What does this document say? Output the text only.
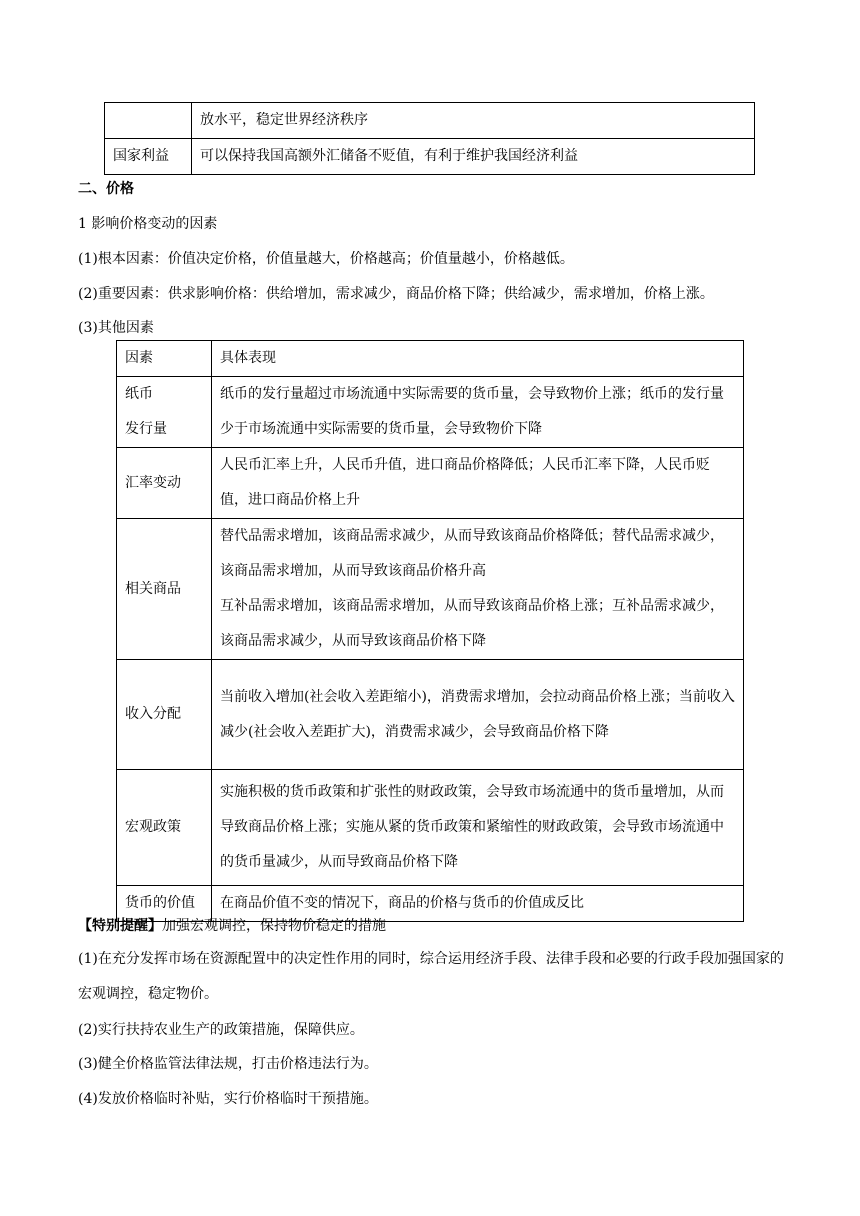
	放水平，稳定世界经济秩序
国家利益	可以保持我国高额外汇储备不贬值，有利于维护我国经济利益
二、价格
1 影响价格变动的因素
(1)根本因素：价值决定价格，价值量越大，价格越高；价值量越小，价格越低。
(2)重要因素：供求影响价格：供给增加，需求减少，商品价格下降；供给减少，需求增加，价格上涨。
(3)其他因素
因素	具体表现

纸币
发行量	纸币的发行量超过市场流通中实际需要的货币量，会导致物价上涨；纸币的发行量少于市场流通中实际需要的货币量，会导致物价下降
汇率变动	人民币汇率上升，人民币升值，进口商品价格降低；人民币汇率下降，人民币贬值，进口商品价格上升
相关商品	替代品需求增加，该商品需求减少，从而导致该商品价格降低；替代品需求减少，该商品需求增加，从而导致该商品价格升高
互补品需求增加，该商品需求增加，从而导致该商品价格上涨；互补品需求减少，该商品需求减少，从而导致该商品价格下降

收入分配	当前收入增加(社会收入差距缩小)，消费需求增加，会拉动商品价格上涨；当前收入减少(社会收入差距扩大)，消费需求减少，会导致商品价格下降
宏观政策	实施积极的货币政策和扩张性的财政政策，会导致市场流通中的货币量增加，从而导致商品价格上涨；实施从紧的货币政策和紧缩性的财政政策，会导致市场流通中的货币量减少，从而导致商品价格下降
货币的价值	在商品价值不变的情况下，商品的价格与货币的价值成反比
【特别提醒】加强宏观调控，保持物价稳定的措施
(1)在充分发挥市场在资源配置中的决定性作用的同时，综合运用经济手段、法律手段和必要的行政手段加强国家的宏观调控，稳定物价。
(2)实行扶持农业生产的政策措施，保障供应。
(3)健全价格监管法律法规，打击价格违法行为。
(4)发放价格临时补贴，实行价格临时干预措施。
